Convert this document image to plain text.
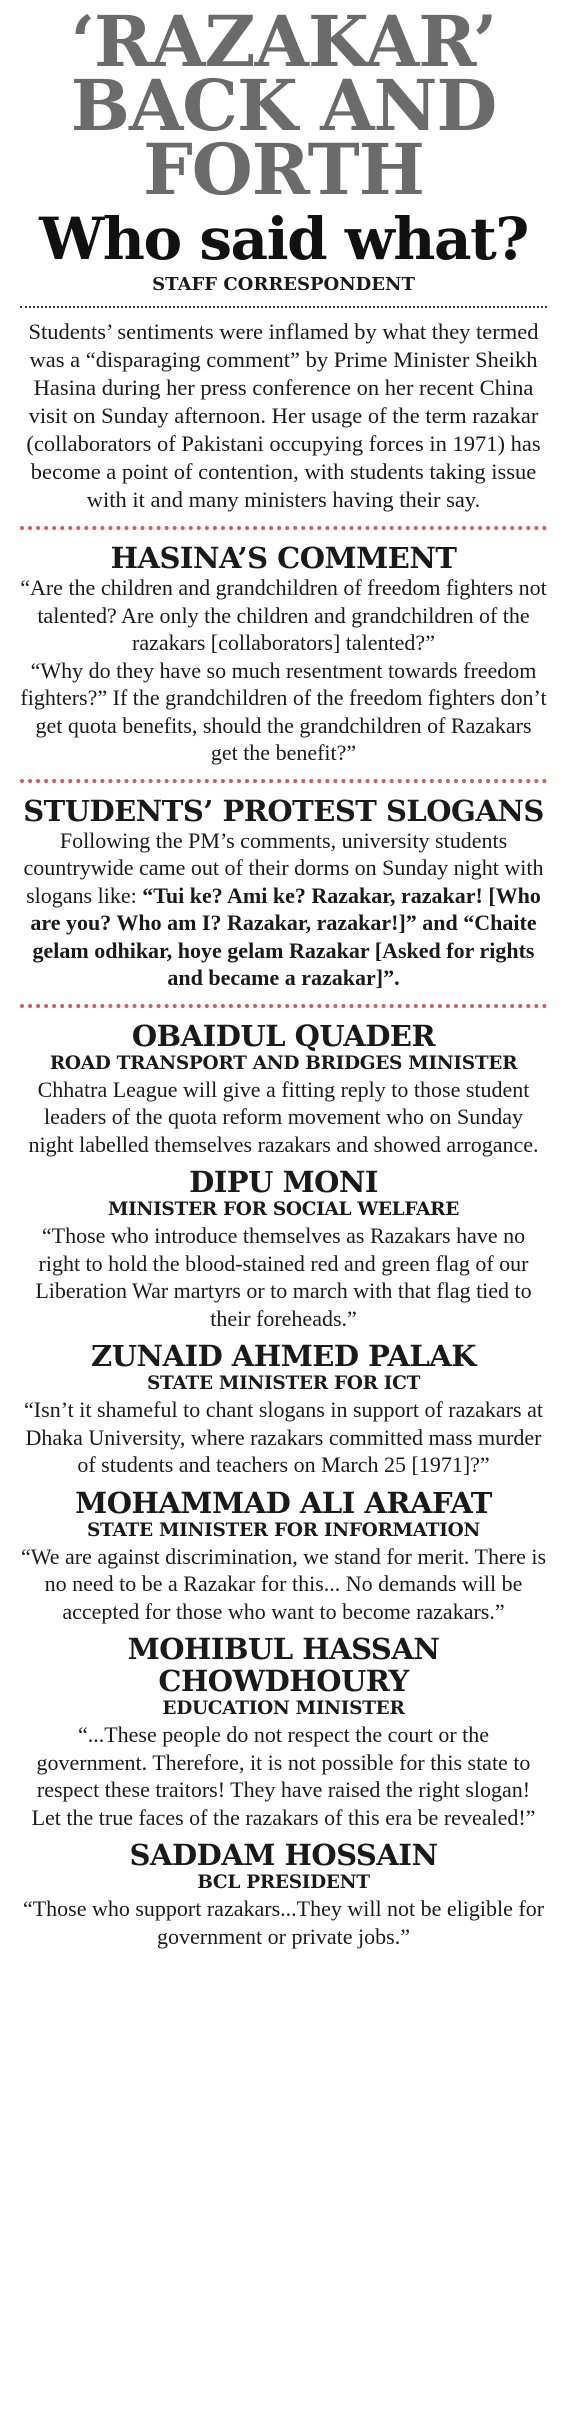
‘RAZAKAR’
BACK AND
FORTH
Who said what?

STAFF CORRESPONDENT

Students’ sentiments were inflamed by what they termed was a “disparaging comment” by Prime Minister Sheikh Hasina during her press conference on her recent China visit on Sunday afternoon. Her usage of the term razakar (collaborators of Pakistani occupying forces in 1971) has become a point of contention, with students taking issue with it and many ministers having their say.

HASINA’S COMMENT

“Are the children and grandchildren of freedom fighters not talented? Are only the children and grandchildren of the razakars [collaborators] talented?”

“Why do they have so much resentment towards freedom fighters?” If the grandchildren of the freedom fighters don’t get quota benefits, should the grandchildren of Razakars get the benefit?”

STUDENTS’ PROTEST SLOGANS

Following the PM’s comments, university students countrywide came out of their dorms on Sunday night with slogans like: “Tui ke? Ami ke? Razakar, razakar! [Who are you? Who am I? Razakar, razakar!]” and “Chaite gelam odhikar, hoye gelam Razakar [Asked for rights and became a razakar]”.

OBAIDUL QUADER

ROAD TRANSPORT AND BRIDGES MINISTER

Chhatra League will give a fitting reply to those student leaders of the quota reform movement who on Sunday night labelled themselves razakars and showed arrogance.

DIPU MONI

MINISTER FOR SOCIAL WELFARE

“Those who introduce themselves as Razakars have no right to hold the blood-stained red and green flag of our Liberation War martyrs or to march with that flag tied to their foreheads.”

ZUNAID AHMED PALAK

STATE MINISTER FOR ICT

“Isn’t it shameful to chant slogans in support of razakars at Dhaka University, where razakars committed mass murder of students and teachers on March 25 [1971]?”

MOHAMMAD ALI ARAFAT

STATE MINISTER FOR INFORMATION

“We are against discrimination, we stand for merit. There is no need to be a Razakar for this... No demands will be accepted for those who want to become razakars.”

MOHIBUL HASSAN CHOWDHOURY

EDUCATION MINISTER

“...These people do not respect the court or the government. Therefore, it is not possible for this state to respect these traitors! They have raised the right slogan! Let the true faces of the razakars of this era be revealed!”

SADDAM HOSSAIN

BCL PRESIDENT

“Those who support razakars...They will not be eligible for government or private jobs.”
